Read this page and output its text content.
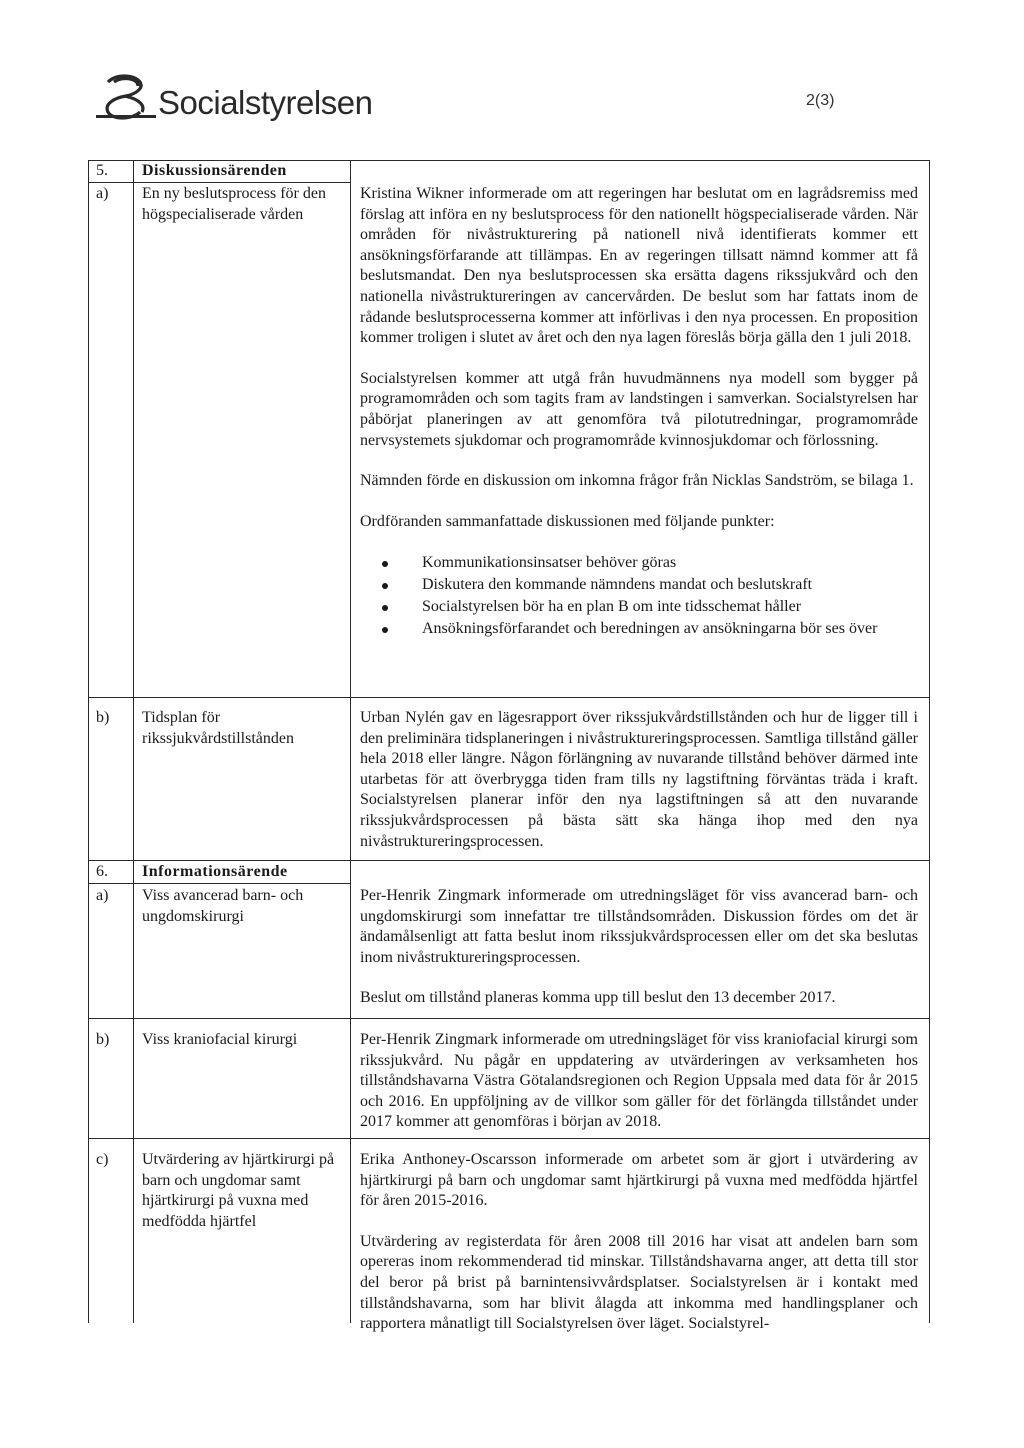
Socialstyrelsen	2(3)
5.	Diskussionsärenden
a)	En ny beslutsprocess för den högspecialiserade vården

Kristina Wikner informerade om att regeringen har beslutat om en lagrådsremiss med förslag att införa en ny beslutsprocess för den nationellt högspecialiserade vården. När områden för nivåstrukturering på nationell nivå identifierats kommer ett ansökningsförfarande att tillämpas. En av regeringen tillsatt nämnd kommer att få beslutsmandat. Den nya beslutsprocessen ska ersätta dagens rikssjukvård och den nationella nivåstruktureringen av cancervården. De beslut som har fattats inom de rådande beslutsprocesserna kommer att införlivas i den nya processen. En proposition kommer troligen i slutet av året och den nya lagen föreslås börja gälla den 1 juli 2018.

Socialstyrelsen kommer att utgå från huvudmännens nya modell som bygger på programområden och som tagits fram av landstingen i samverkan. Socialstyrelsen har påbörjat planeringen av att genomföra två pilotutredningar, programområde nervsystemets sjukdomar och programområde kvinnosjukdomar och förlossning.

Nämnden förde en diskussion om inkomna frågor från Nicklas Sandström, se bilaga 1.

Ordföranden sammanfattade diskussionen med följande punkter:

Kommunikationsinsatser behöver göras
Diskutera den kommande nämndens mandat och beslutskraft
Socialstyrelsen bör ha en plan B om inte tidsschemat håller
Ansökningsförfarandet och beredningen av ansökningarna bör ses över
b)	Tidsplan för rikssjukvårdstillstånden

Urban Nylén gav en lägesrapport över rikssjukvårdstillstånden och hur de ligger till i den preliminära tidsplaneringen i nivåstruktureringsprocessen. Samtliga tillstånd gäller hela 2018 eller längre. Någon förlängning av nuvarande tillstånd behöver därmed inte utarbetas för att överbrygga tiden fram tills ny lagstiftning förväntas träda i kraft. Socialstyrelsen planerar inför den nya lagstiftningen så att den nuvarande rikssjukvårdsprocessen på bästa sätt ska hänga ihop med den nya nivåstruktureringsprocessen.

6.	Informationsärende
a)	Viss avancerad barn- och ungdomskirurgi

Per-Henrik Zingmark informerade om utredningsläget för viss avancerad barn- och ungdomskirurgi som innefattar tre tillståndsområden. Diskussion fördes om det är ändamålsenligt att fatta beslut inom rikssjukvårdsprocessen eller om det ska beslutas inom nivåstruktureringsprocessen.

Beslut om tillstånd planeras komma upp till beslut den 13 december 2017.

b)	Viss kraniofacial kirurgi	Per-Henrik Zingmark informerade om utredningsläget för viss kraniofacial kirurgi som rikssjukvård. Nu pågår en uppdatering av utvärderingen av verksamheten hos tillståndshavarna Västra Götalandsregionen och Region Uppsala med data för år 2015 och 2016. En uppföljning av de villkor som gäller för det förlängda tillståndet under 2017 kommer att genomföras i början av 2018.

c)	Utvärdering av hjärtkirurgi på barn och ungdomar samt hjärtkirurgi på vuxna med medfödda hjärtfel

Erika Anthoney-Oscarsson informerade om arbetet som är gjort i utvärdering av hjärtkirurgi på barn och ungdomar samt hjärtkirurgi på vuxna med medfödda hjärtfel för åren 2015-2016.

Utvärdering av registerdata för åren 2008 till 2016 har visat att andelen barn som opereras inom rekommenderad tid minskar. Tillståndshavarna anger, att detta till stor del beror på brist på barnintensivvårdsplatser. Socialstyrelsen är i kontakt med tillståndshavarna, som har blivit ålagda att inkomma med handlingsplaner och rapportera månatligt till Socialstyrelsen över läget. Socialstyrel-
